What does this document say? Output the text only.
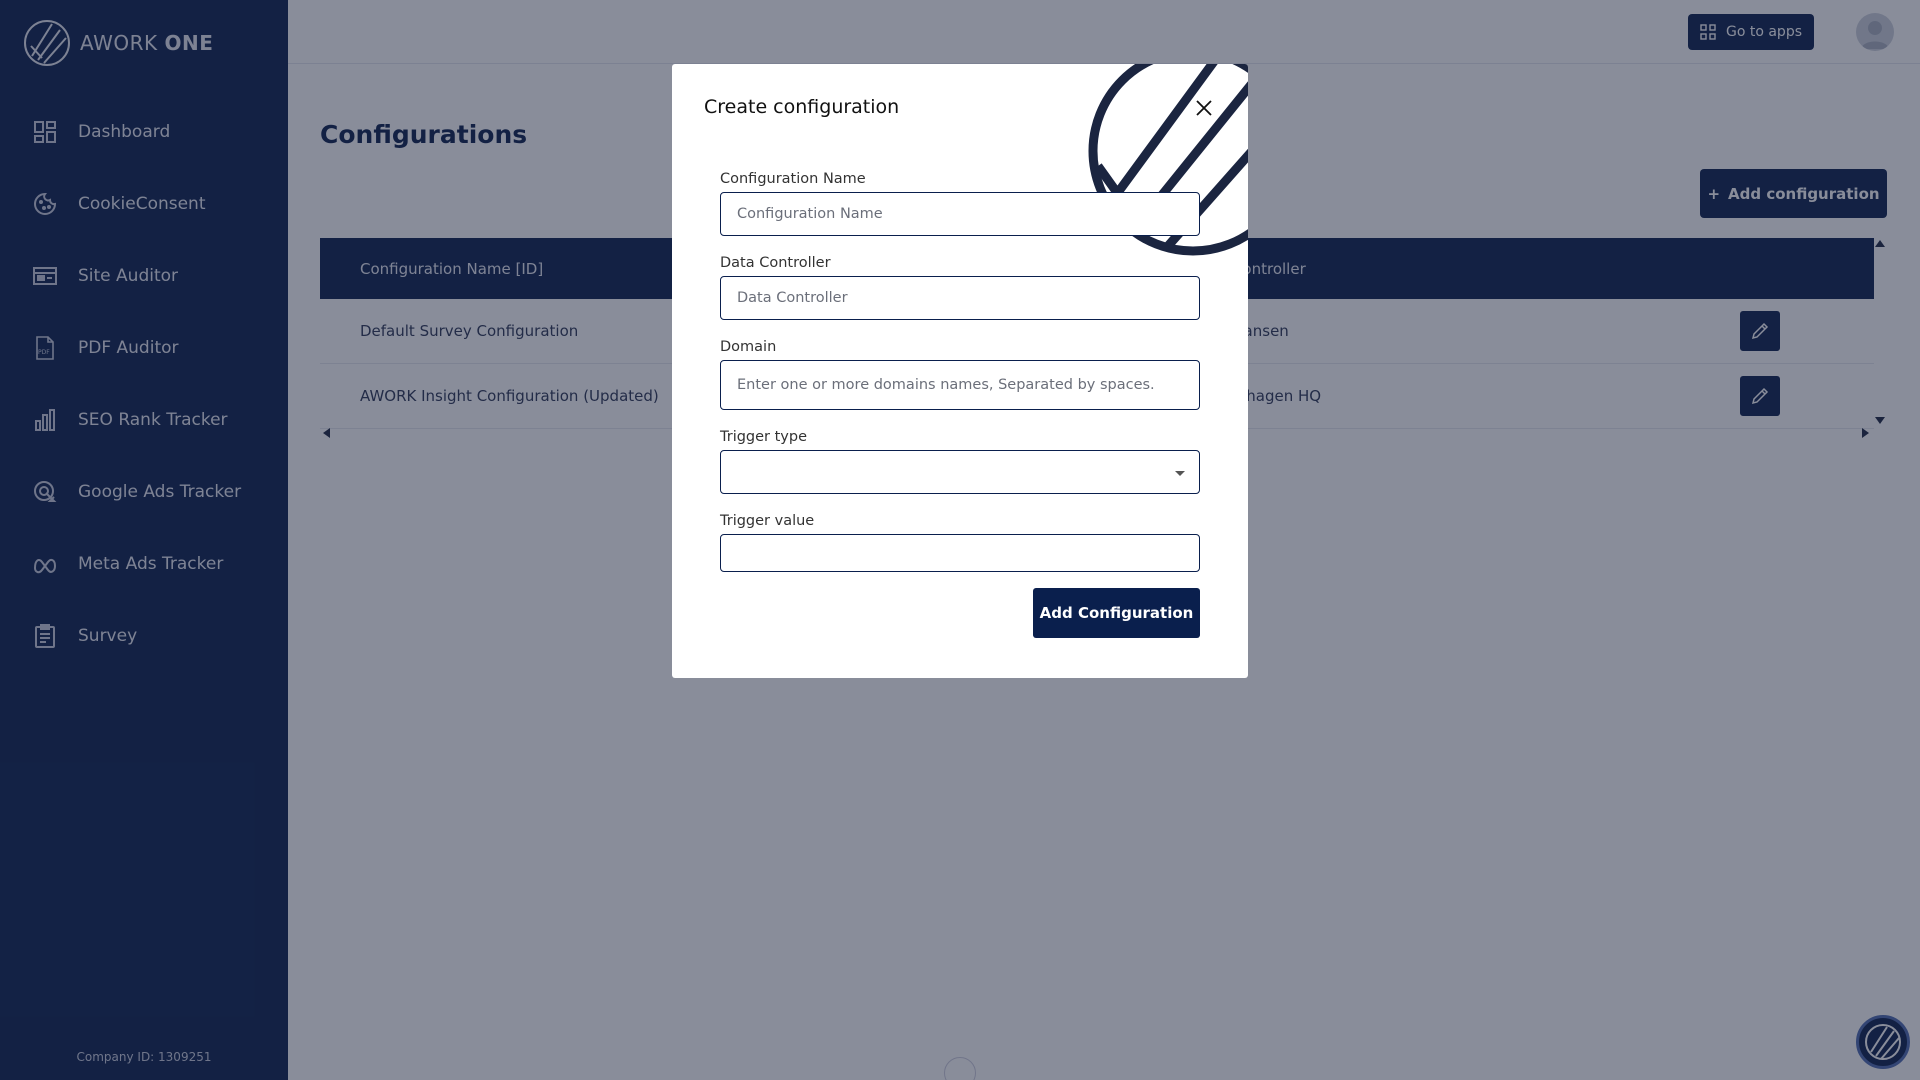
Create configuration
Configuration Name
Configuration Name
Data Controller
Data Controller
Domain
Enter one or more domains names, Separated by spaces.
Trigger type
Trigger value
Add Configuration
